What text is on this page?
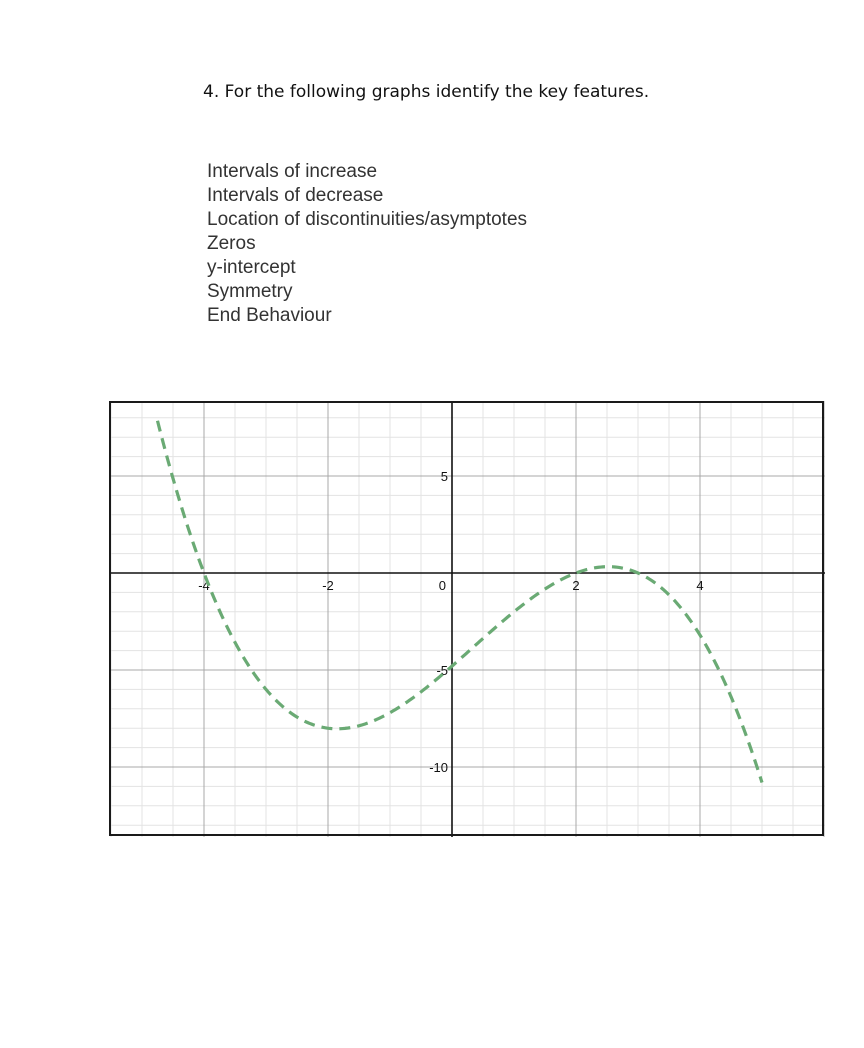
4. For the following graphs identify the key features.
Intervals of increase
Intervals of decrease
Location of discontinuities/asymptotes
Zeros
y-intercept
Symmetry
End Behaviour
-4	-2	0	2	4
5
-5
-10
